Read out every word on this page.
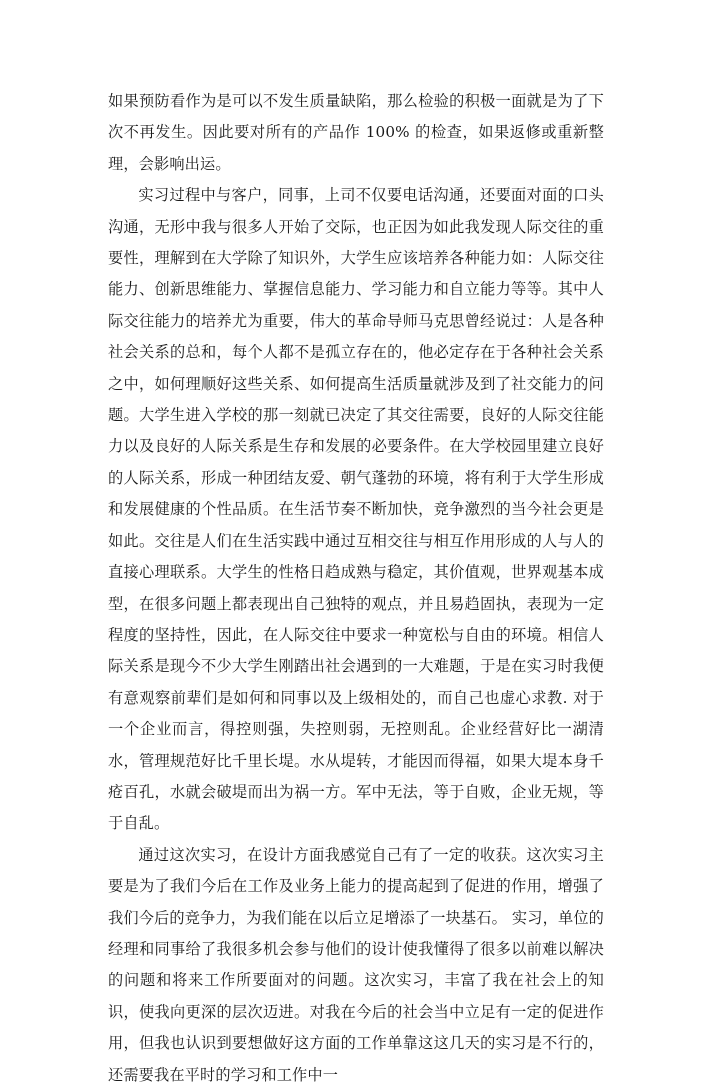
如果预防看作为是可以不发生质量缺陷，那么检验的积极一面就是为了下次不再发生。因此要对所有的产品作 100% 的检查，如果返修或重新整理，会影响出运。

实习过程中与客户，同事，上司不仅要电话沟通，还要面对面的口头沟通，无形中我与很多人开始了交际，也正因为如此我发现人际交往的重要性，理解到在大学除了知识外，大学生应该培养各种能力如：人际交往能力、创新思维能力、掌握信息能力、学习能力和自立能力等等。其中人际交往能力的培养尤为重要，伟大的革命导师马克思曾经说过：人是各种社会关系的总和，每个人都不是孤立存在的，他必定存在于各种社会关系之中，如何理顺好这些关系、如何提高生活质量就涉及到了社交能力的问题。大学生进入学校的那一刻就已决定了其交往需要，良好的人际交往能力以及良好的人际关系是生存和发展的必要条件。在大学校园里建立良好的人际关系，形成一种团结友爱、朝气蓬勃的环境，将有利于大学生形成和发展健康的个性品质。在生活节奏不断加快，竞争激烈的当今社会更是如此。交往是人们在生活实践中通过互相交往与相互作用形成的人与人的直接心理联系。大学生的性格日趋成熟与稳定，其价值观，世界观基本成型，在很多问题上都表现出自己独特的观点，并且易趋固执，表现为一定程度的坚持性，因此，在人际交往中要求一种宽松与自由的环境。相信人际关系是现今不少大学生刚踏出社会遇到的一大难题，于是在实习时我便有意观察前辈们是如何和同事以及上级相处的，而自己也虚心求教. 对于一个企业而言，得控则强，失控则弱，无控则乱。企业经营好比一湖清水，管理规范好比千里长堤。水从堤转，才能因而得福，如果大堤本身千疮百孔，水就会破堤而出为祸一方。军中无法，等于自败，企业无规，等于自乱。

通过这次实习，在设计方面我感觉自己有了一定的收获。这次实习主要是为了我们今后在工作及业务上能力的提高起到了促进的作用，增强了我们今后的竞争力，为我们能在以后立足增添了一块基石。 实习，单位的经理和同事给了我很多机会参与他们的设计使我懂得了很多以前难以解决的问题和将来工作所要面对的问题。这次实习，丰富了我在社会上的知识，使我向更深的层次迈进。对我在今后的社会当中立足有一定的促进作用，但我也认识到要想做好这方面的工作单靠这这几天的实习是不行的，还需要我在平时的学习和工作中一
